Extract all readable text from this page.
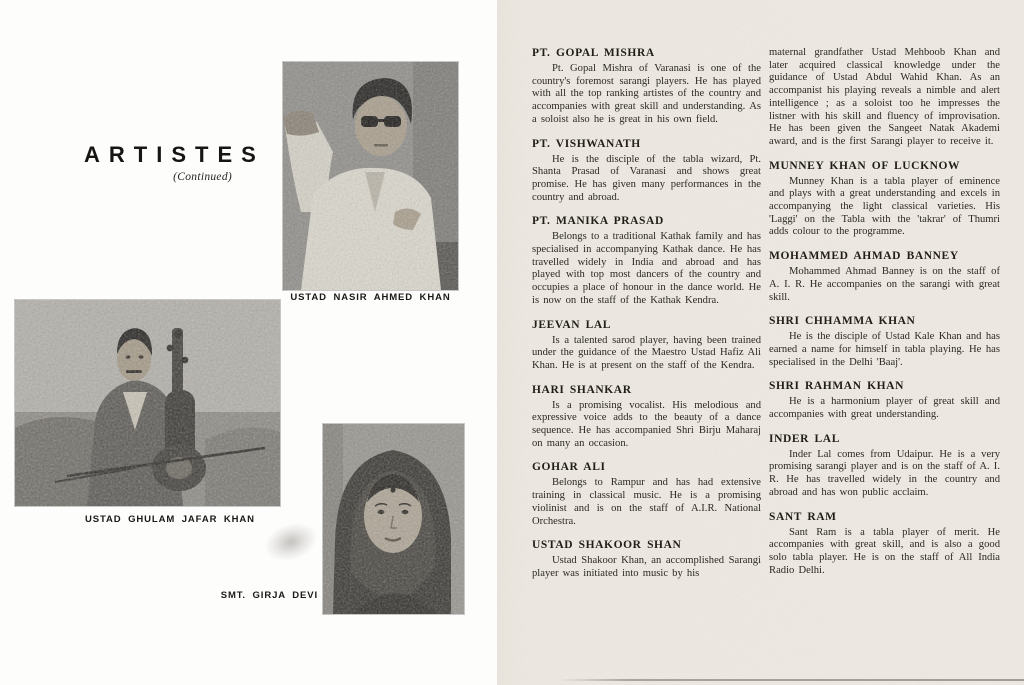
ARTISTES
(Continued)
USTAD NASIR AHMED KHAN
USTAD GHULAM JAFAR KHAN
SMT. GIRJA DEVI
PT. GOPAL MISHRA

Pt. Gopal Mishra of Varanasi is one of the country's foremost sarangi players. He has played with all the top ranking artistes of the country and accompanies with great skill and understanding. As a soloist also he is great in his own field.

PT. VISHWANATH

He is the disciple of the tabla wizard, Pt. Shanta Prasad of Varanasi and shows great promise. He has given many performances in the country and abroad.

PT. MANIKA PRASAD

Belongs to a traditional Kathak family and has specialised in accompanying Kathak dance. He has travelled widely in India and abroad and has played with top most dancers of the country and occupies a place of honour in the dance world. He is now on the staff of the Kathak Kendra.

JEEVAN LAL

Is a talented sarod player, having been trained under the guidance of the Maestro Ustad Hafiz Ali Khan. He is at present on the staff of the Kendra.

HARI SHANKAR

Is a promising vocalist. His melodious and expressive voice adds to the beauty of a dance sequence. He has accompanied Shri Birju Maharaj on many an occasion.

GOHAR ALI

Belongs to Rampur and has had extensive training in classical music. He is a promising violinist and is on the staff of A.I.R. National Orchestra.

USTAD SHAKOOR SHAN

Ustad Shakoor Khan, an accomplished Sarangi player was initiated into music by his

maternal grandfather Ustad Mehboob Khan and later acquired classical knowledge under the guidance of Ustad Abdul Wahid Khan. As an accompanist his playing reveals a nimble and alert intelligence ; as a soloist too he impresses the listner with his skill and fluency of improvisation. He has been given the Sangeet Natak Akademi award, and is the first Sarangi player to receive it.

MUNNEY KHAN OF LUCKNOW

Munney Khan is a tabla player of eminence and plays with a great understanding and excels in accompanying the light classical varieties. His 'Laggi' on the Tabla with the 'takrar' of Thumri adds colour to the programme.

MOHAMMED AHMAD BANNEY

Mohammed Ahmad Banney is on the staff of A. I. R. He accompanies on the sarangi with great skill.

SHRI CHHAMMA KHAN

He is the disciple of Ustad Kale Khan and has earned a name for himself in tabla playing. He has specialised in the Delhi 'Baaj'.

SHRI RAHMAN KHAN

He is a harmonium player of great skill and accompanies with great understanding.

INDER LAL

Inder Lal comes from Udaipur. He is a very promising sarangi player and is on the staff of A. I. R. He has travelled widely in the country and abroad and has won public acclaim.

SANT RAM

Sant Ram is a tabla player of merit. He accompanies with great skill, and is also a good solo tabla player. He is on the staff of All India Radio Delhi.
